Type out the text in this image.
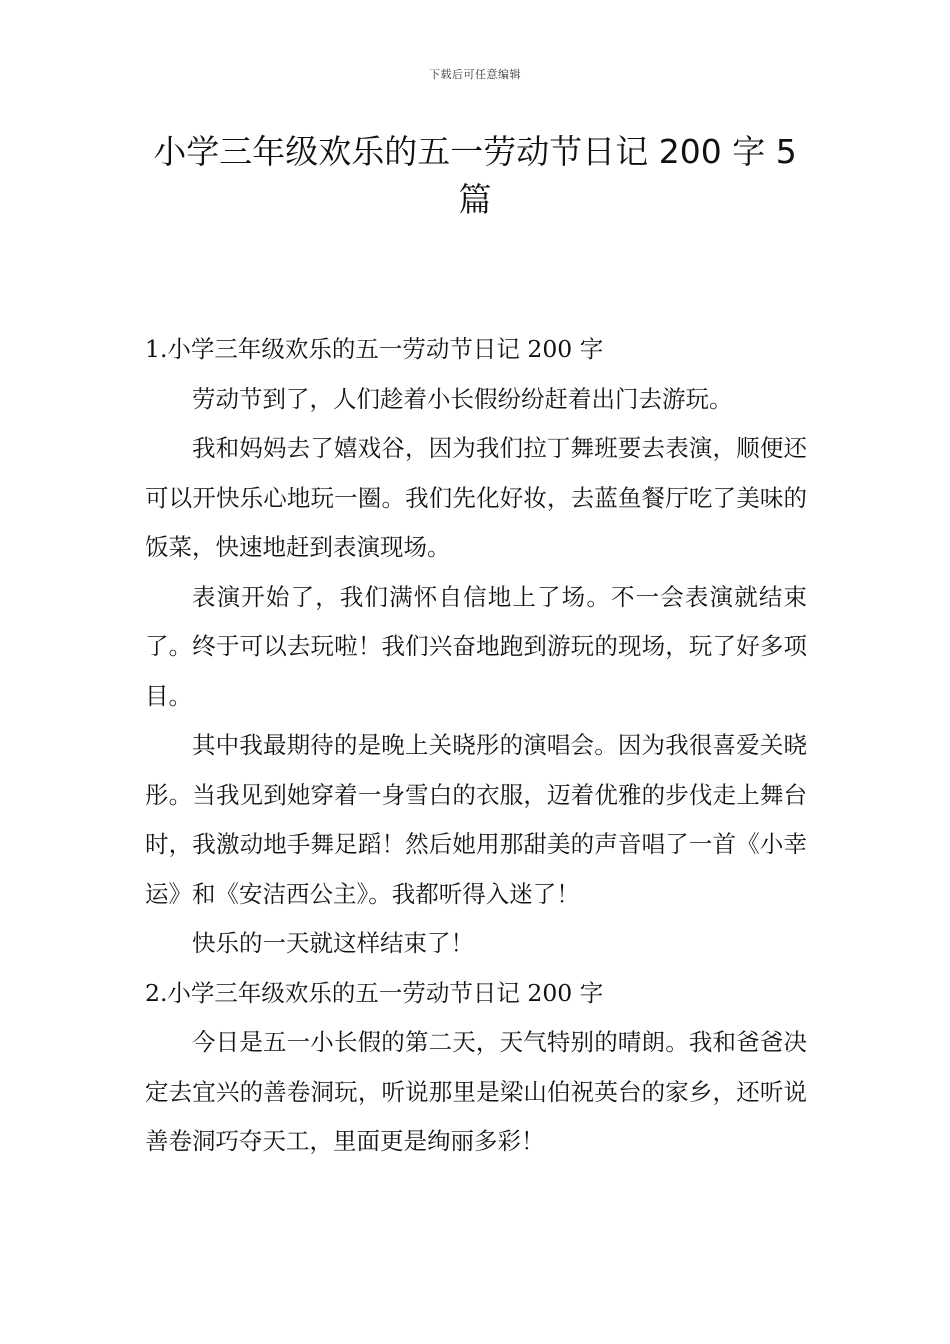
下载后可任意编辑
小学三年级欢乐的五一劳动节日记 200 字 5 篇

1.小学三年级欢乐的五一劳动节日记 200 字

劳动节到了，人们趁着小长假纷纷赶着出门去游玩。

我和妈妈去了嬉戏谷，因为我们拉丁舞班要去表演，顺便还可以开快乐心地玩一圈。我们先化好妆，去蓝鱼餐厅吃了美味的饭菜，快速地赶到表演现场。

表演开始了，我们满怀自信地上了场。不一会表演就结束了。终于可以去玩啦！我们兴奋地跑到游玩的现场，玩了好多项目。

其中我最期待的是晚上关晓彤的演唱会。因为我很喜爱关晓彤。当我见到她穿着一身雪白的衣服，迈着优雅的步伐走上舞台时，我激动地手舞足蹈！然后她用那甜美的声音唱了一首《小幸运》和《安洁西公主》。我都听得入迷了！

快乐的一天就这样结束了！

2.小学三年级欢乐的五一劳动节日记 200 字

今日是五一小长假的第二天，天气特别的晴朗。我和爸爸决定去宜兴的善卷洞玩，听说那里是梁山伯祝英台的家乡，还听说善卷洞巧夺天工，里面更是绚丽多彩！
